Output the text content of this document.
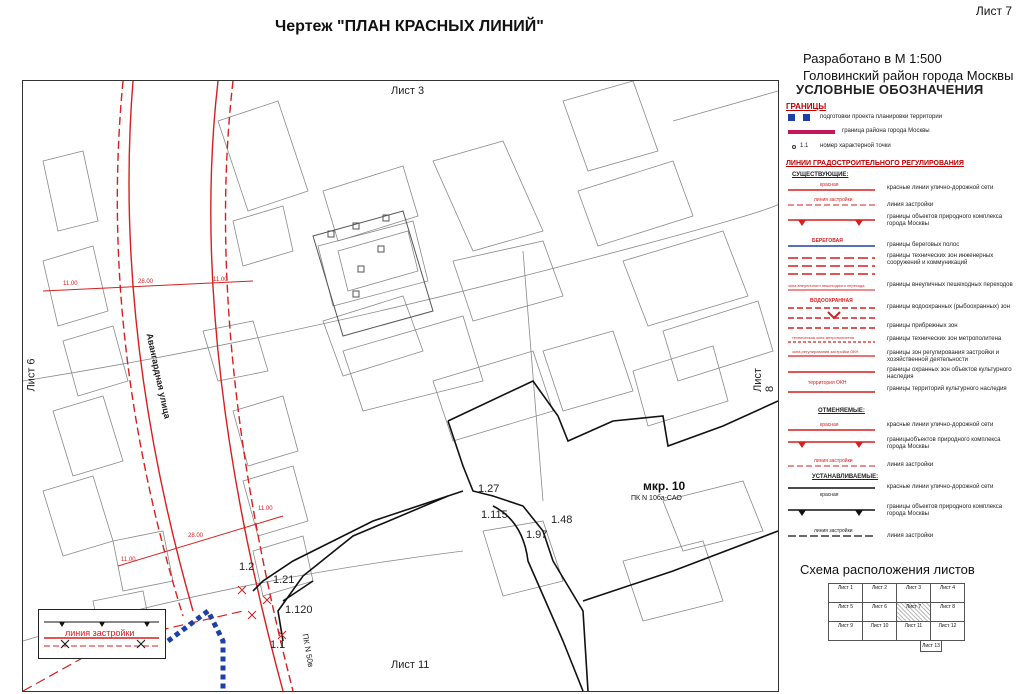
Лист 7
Чертеж "ПЛАН КРАСНЫХ ЛИНИЙ"
Разработано в М 1:500
Головинский район города Москвы
Лист 3
Лист 6	Лист 8
Лист 11
Авангардная улица
ПК N 50в
мкр. 10
ПК N 10ба-САО
11.00	28.00	11.00
11.00
28.00
11.00
1.27
1.115	1.48
1.97
1.2
1.21
1.120
1.1
линия застройки
УСЛОВНЫЕ ОБОЗНАЧЕНИЯ
ГРАНИЦЫ
подготовки проекта планировки территории
граница района города Москвы
1.1 номер характерной точки
ЛИНИИ ГРАДОСТРОИТЕЛЬНОГО РЕГУЛИРОВАНИЯ
СУЩЕСТВУЮЩИЕ:
красная
линия застройки
БЕРЕГОВАЯ
зона внеуличного пешеходного перехода
ВОДООХРАННАЯ
техническая зона метрополитена
зона регулирования застройки ОКН
территория ОКН
красные линии улично-дорожной сети
линия застройки
границы объектов природного комплекса города Москвы
границы береговых полос
границы технических зон инженерных сооружений и коммуникаций
границы внеуличных пешеходных переходов
границы водоохранных (рыбоохранных) зон
границы прибрежных зон
границы технических зон метрополитена
границы зон регулирования застройки и хозяйственной деятельности
границы охранных зон объектов культурного наследия
границы территорий культурного наследия
ОТМЕНЯЕМЫЕ:
красная
линия застройки
красные линии улично-дорожной сети
границыобъектов природного комплекса города Москвы
линия застройки
УСТАНАВЛИВАЕМЫЕ:
красная
линия застройки
красные линии улично-дорожной сети
границы объектов природного комплекса города Москвы
линия застройки
Схема расположения листов
Лист 1	Лист 2	Лист 3	Лист 4
Лист 5	Лист 6	Лист 7	Лист 8
Лист 9	Лист 10	Лист 11	Лист 12
Лист 13
